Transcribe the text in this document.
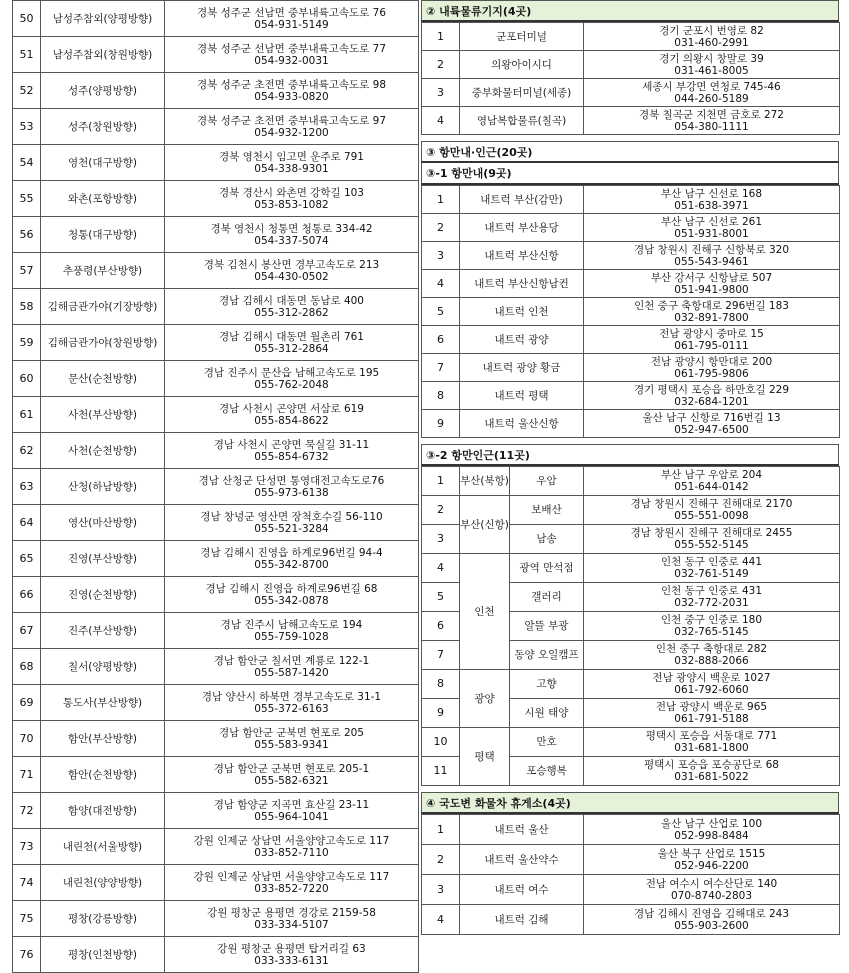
50	남성주참외(양평방향)	경북 성주군 선남면 중부내륙고속도로 76
054-931-5149

51	남성주참외(창원방향)	경북 성주군 선남면 중부내륙고속도로 77
054-932-0031

52	성주(양평방향)	경북 성주군 초전면 중부내륙고속도로 98
054-933-0820

53	성주(창원방향)	경북 성주군 초전면 중부내륙고속도로 97
054-932-1200

54	영천(대구방향)	경북 영천시 임고면 운주로 791
054-338-9301

55	와촌(포항방향)	경북 경산시 와촌면 강학길 103
053-853-1082

56	청통(대구방향)	경북 영천시 청통면 청통로 334-42
054-337-5074

57	추풍령(부산방향)	경북 김천시 봉산면 경부고속도로 213
054-430-0502

58	김해금관가야(기장방향)	경남 김해시 대동면 동남로 400
055-312-2862

59	김해금관가야(창원방향)	경남 김해시 대동면 월촌리 761
055-312-2864

60	문산(순천방향)	경남 진주시 문산읍 남해고속도로 195
055-762-2048

61	사천(부산방향)	경남 사천시 곤양면 서삼로 619
055-854-8622

62	사천(순천방향)	경남 사천시 곤양면 묵실길 31-11
055-854-6732

63	산청(하남방향)	경남 산청군 단성면 통영대전고속도로76
055-973-6138

64	영산(마산방향)	경남 창녕군 영산면 장척호수길 56-110
055-521-3284

65	진영(부산방향)	경남 김해시 진영읍 하계로96번길 94-4
055-342-8700

66	진영(순천방향)	경남 김해시 진영읍 하계로96번길 68
055-342-0878

67	진주(부산방향)	경남 진주시 남해고속도로 194
055-759-1028

68	칠서(양평방향)	경남 함안군 칠서면 계룡로 122-1
055-587-1420

69	통도사(부산방향)	경남 양산시 하북면 경부고속도로 31-1
055-372-6163

70	함안(부산방향)	경남 함안군 군북면 현포로 205
055-583-9341

71	함안(순천방향)	경남 함안군 군북면 현포로 205-1
055-582-6321

72	함양(대전방향)	경남 함양군 지곡면 효산길 23-11
055-964-1041

73	내린천(서울방향)	강원 인제군 상남면 서울양양고속도로 117
033-852-7110

74	내린천(양양방향)	강원 인제군 상남면 서울양양고속도로 117
033-852-7220

75	평창(강릉방향)	강원 평창군 용평면 경강로 2159-58
033-334-5107

76	평창(인천방향)	강원 평창군 용평면 탑거리길 63
033-333-6131
② 내륙물류기지(4곳)
1	군포터미널	경기 군포시 번영로 82
031-460-2991

2	의왕아이시디	경기 의왕시 창말로 39
031-461-8005

3	중부화물터미널(세종)	세종시 부강면 연청로 745-46
044-260-5189

4	영남복합물류(칠곡)	경북 칠곡군 지천면 금호로 272
054-380-1111
③ 항만내·인근(20곳)
③-1 항만내(9곳)
1	내트럭 부산(감만)	부산 남구 신선로 168
051-638-3971

2	내트럭 부산용당	부산 남구 신선로 261
051-931-8001

3	내트럭 부산신항	경남 창원시 진해구 신항북로 320
055-543-9461

4	내트럭 부산신항남컨	부산 강서구 신항남로 507
051-941-9800

5	내트럭 인천	인천 중구 축항대로 296번길 183
032-891-7800

6	내트럭 광양	전남 광양시 중마로 15
061-795-0111

7	내트럭 광양 황금	전남 광양시 항만대로 200
061-795-9806

8	내트럭 평택	경기 평택시 포승읍 하만호길 229
032-684-1201

9	내트럭 울산신항	울산 남구 신항로 716번길 13
052-947-6500
③-2 항만인근(11곳)
1	부산(북항)	우암	부산 남구 우암로 204
051-644-0142

2	부산(신항)	보배산	경남 창원시 진해구 진해대로 2170
055-551-0098

3		남송	경남 창원시 진해구 진해대로 2455
055-552-5145

4	인천	광역 만석점	인천 동구 인중로 441
032-761-5149

5		갤러리	인천 동구 인중로 431
032-772-2031

6		알뜰 부광	인천 중구 인중로 180
032-765-5145

7		동양 오일캠프	인천 중구 축항대로 282
032-888-2066

8	광양	고향	전남 광양시 백운로 1027
061-792-6060

9		시원 태양	전남 광양시 백운로 965
061-791-5188

10	평택	만호	평택시 포승읍 서동대로 771
031-681-1800

11		포승행복	평택시 포승읍 포승공단로 68
031-681-5022
④ 국도변 화물차 휴게소(4곳)
1	내트럭 울산	울산 남구 산업로 100
052-998-8484

2	내트럭 울산약수	울산 북구 산업로 1515
052-946-2200

3	내트럭 여수	전남 여수시 여수산단로 140
070-8740-2803

4	내트럭 김해	경남 김해시 진영읍 김해대로 243
055-903-2600
